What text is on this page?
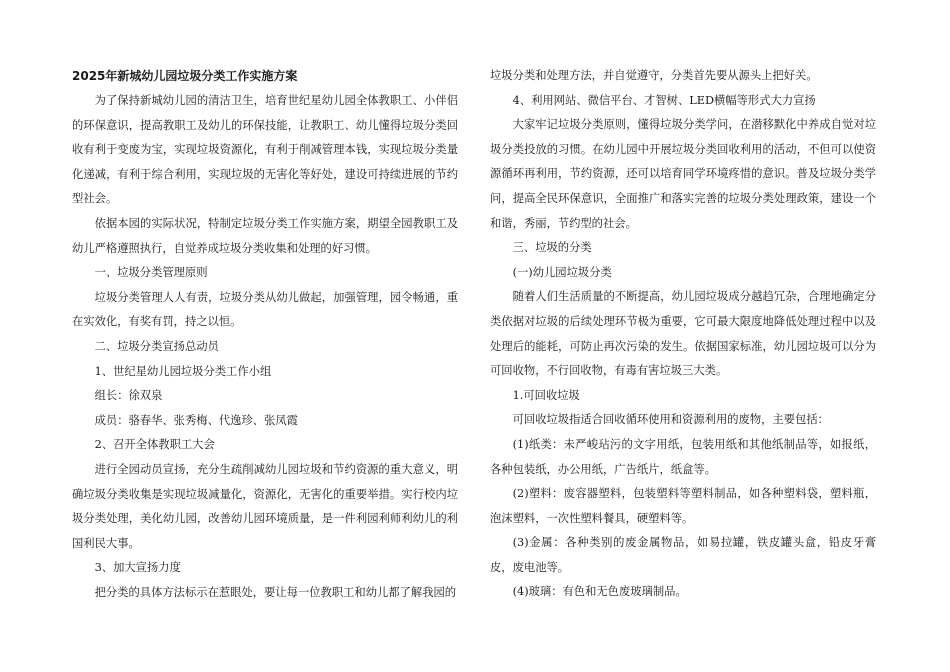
2025年新城幼儿园垃圾分类工作实施方案

为了保持新城幼儿园的清洁卫生，培育世纪星幼儿园全体教职工、小伴侣的环保意识，提高教职工及幼儿的环保技能，让教职工、幼儿懂得垃圾分类回收有利于变废为宝，实现垃圾资源化，有利于削减管理本钱，实现垃圾分类量化递减，有利于综合利用，实现垃圾的无害化等好处，建设可持续进展的节约型社会。

依据本园的实际状况，特制定垃圾分类工作实施方案，期望全园教职工及幼儿严格遵照执行，自觉养成垃圾分类收集和处理的好习惯。

一、垃圾分类管理原则

垃圾分类管理人人有责，垃圾分类从幼儿做起，加强管理，园令畅通，重在实效化，有奖有罚，持之以恒。

二、垃圾分类宣扬总动员

1、世纪星幼儿园垃圾分类工作小组

组长：徐双泉

成员：骆春华、张秀梅、代逸珍、张凤霞

2、召开全体教职工大会

进行全园动员宣扬，充分生疏削减幼儿园垃圾和节约资源的重大意义，明确垃圾分类收集是实现垃圾减量化，资源化，无害化的重要举措。实行校内垃圾分类处理，美化幼儿园，改善幼儿园环境质量，是一件利园利师利幼儿的利国利民大事。

3、加大宣扬力度

把分类的具体方法标示在惹眼处，要让每一位教职工和幼儿都了解我园的

垃圾分类和处理方法，并自觉遵守，分类首先要从源头上把好关。

4、利用网站、微信平台、才智树、LED横幅等形式大力宣扬

大家牢记垃圾分类原则，懂得垃圾分类学问，在潜移默化中养成自觉对垃圾分类投放的习惯。在幼儿园中开展垃圾分类回收利用的活动，不但可以使资源循环再利用，节约资源，还可以培育同学环境疼惜的意识。普及垃圾分类学问，提高全民环保意识，全面推广和落实完善的垃圾分类处理政策，建设一个和谐，秀丽，节约型的社会。

三、垃圾的分类

(一)幼儿园垃圾分类

随着人们生活质量的不断提高，幼儿园垃圾成分越趋冗杂，合理地确定分类依据对垃圾的后续处理环节极为重要，它可最大限度地降低处理过程中以及处理后的能耗，可防止再次污染的发生。依据国家标准，幼儿园垃圾可以分为可回收物，不行回收物，有毒有害垃圾三大类。

1.可回收垃圾

可回收垃圾指适合回收循环使用和资源利用的废物，主要包括：

(1)纸类：未严峻玷污的文字用纸，包装用纸和其他纸制品等，如报纸，各种包装纸，办公用纸，广告纸片，纸盒等。

(2)塑料：废容器塑料，包装塑料等塑料制品，如各种塑料袋，塑料瓶，泡沫塑料，一次性塑料餐具，硬塑料等。

(3)金属：各种类别的废金属物品，如易拉罐，铁皮罐头盒，铅皮牙膏皮，废电池等。

(4)玻璃：有色和无色废玻璃制品。
